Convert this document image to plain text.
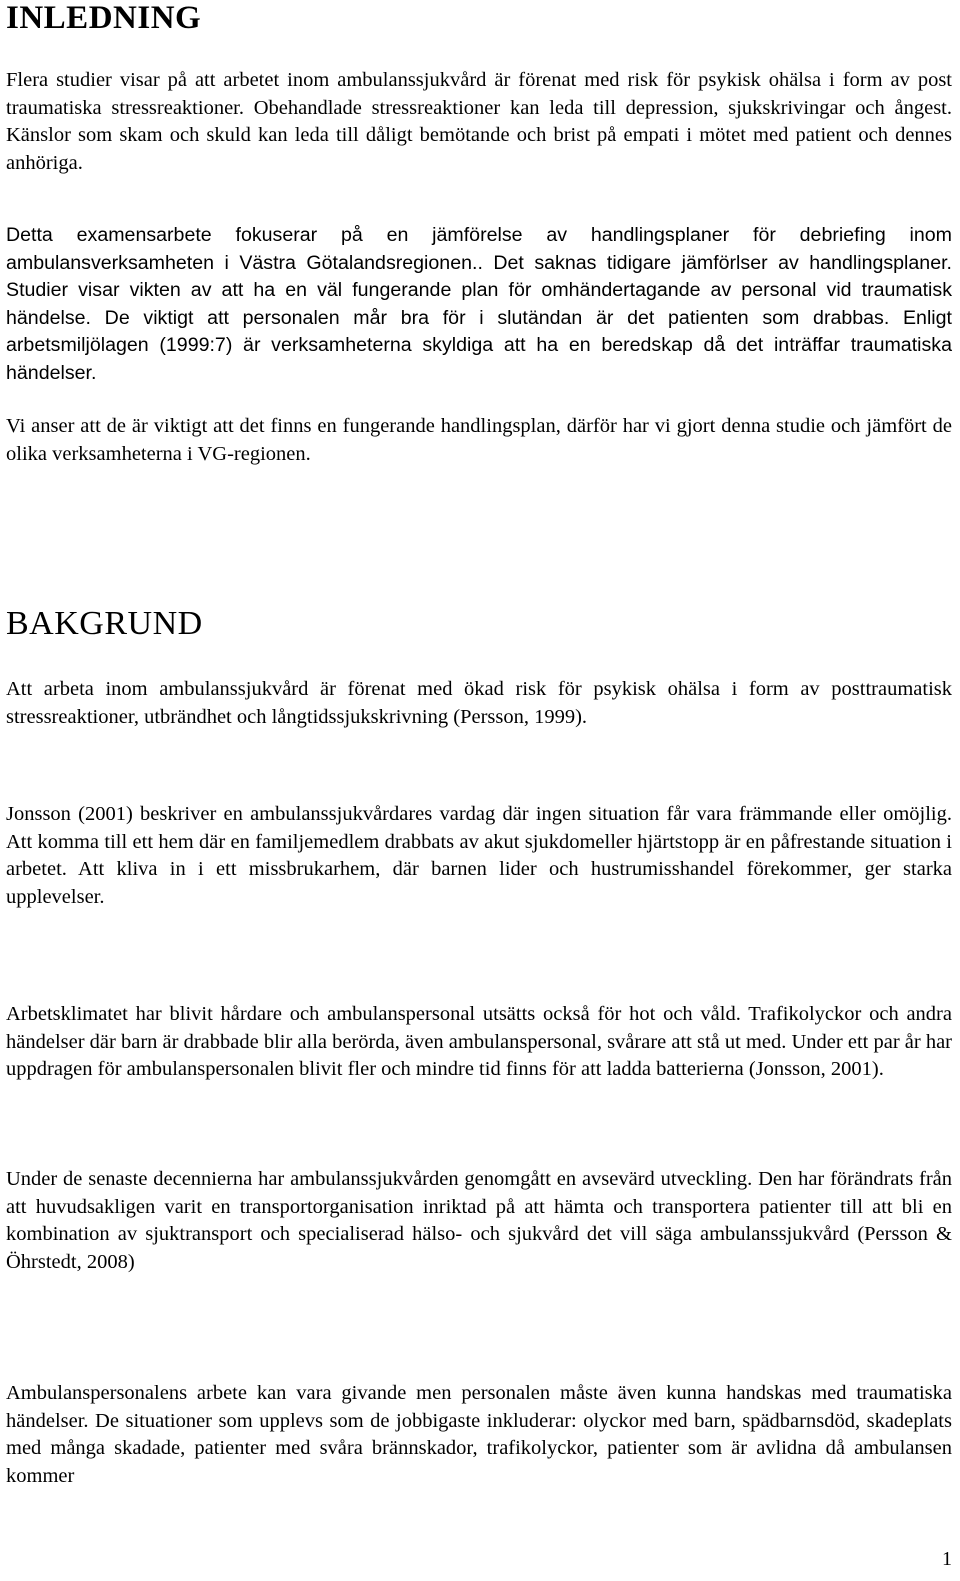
INLEDNING

Flera studier visar på att arbetet inom ambulanssjukvård är förenat med risk för psykisk ohälsa i form av post traumatiska stressreaktioner. Obehandlade stressreaktioner kan leda till depression, sjukskrivingar och ångest. Känslor som skam och skuld kan leda till dåligt bemötande och brist på empati i mötet med patient och dennes anhöriga.

Detta examensarbete fokuserar på en jämförelse av handlingsplaner för debriefing inom ambulansverksamheten i Västra Götalandsregionen.. Det saknas tidigare jämförlser av handlingsplaner. Studier visar vikten av att ha en väl fungerande plan för omhändertagande av personal vid traumatisk händelse. De viktigt att personalen mår bra för i slutändan är det patienten som drabbas. Enligt arbetsmiljölagen (1999:7) är verksamheterna skyldiga att ha en beredskap då det inträffar traumatiska händelser.

Vi anser att de är viktigt att det finns en fungerande handlingsplan, därför har vi gjort denna studie och jämfört de olika verksamheterna i VG-regionen.

BAKGRUND

Att arbeta inom ambulanssjukvård är förenat med ökad risk för psykisk ohälsa i form av posttraumatisk stressreaktioner, utbrändhet och långtidssjukskrivning (Persson, 1999).

Jonsson (2001) beskriver en ambulanssjukvårdares vardag där ingen situation får vara främmande eller omöjlig. Att komma till ett hem där en familjemedlem drabbats av akut sjukdomeller hjärtstopp är en påfrestande situation i arbetet. Att kliva in i ett missbrukarhem, där barnen lider och hustrumisshandel förekommer, ger starka upplevelser.

Arbetsklimatet har blivit hårdare och ambulanspersonal utsätts också för hot och våld. Trafikolyckor och andra händelser där barn är drabbade blir alla berörda, även ambulanspersonal, svårare att stå ut med. Under ett par år har uppdragen för ambulanspersonalen blivit fler och mindre tid finns för att ladda batterierna (Jonsson, 2001).

Under de senaste decennierna har ambulanssjukvården genomgått en avsevärd utveckling. Den har förändrats från att huvudsakligen varit en transportorganisation inriktad på att hämta och transportera patienter till att bli en kombination av sjuktransport och specialiserad hälso- och sjukvård det vill säga ambulanssjukvård (Persson & Öhrstedt, 2008)

Ambulanspersonalens arbete kan vara givande men personalen måste även kunna handskas med traumatiska händelser. De situationer som upplevs som de jobbigaste inkluderar: olyckor med barn, spädbarnsdöd, skadeplats med många skadade, patienter med svåra brännskador, trafikolyckor, patienter som är avlidna då ambulansen kommer

1
